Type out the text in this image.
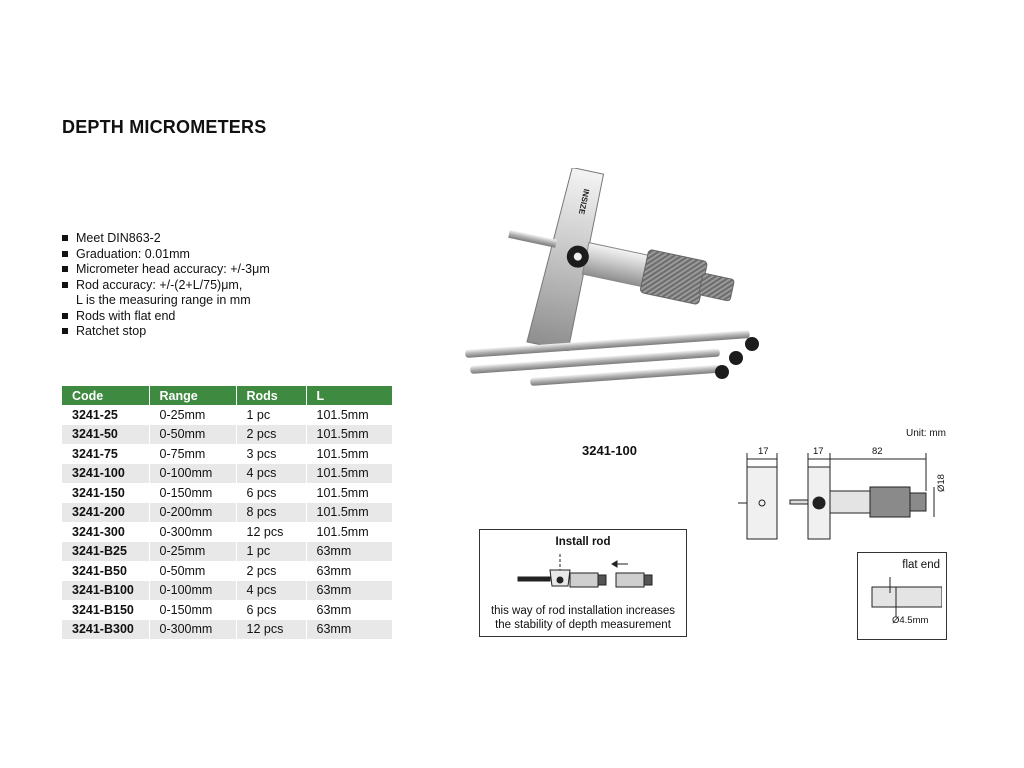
DEPTH MICROMETERS
Meet DIN863-2
Graduation: 0.01mm
Micrometer head accuracy: +/-3μm
Rod accuracy: +/-(2+L/75)μm,
L is the measuring range in mm
Rods with flat end
Ratchet stop
Code	Range	Rods	L
3241-25	0-25mm	1 pc	101.5mm
3241-50	0-50mm	2 pcs	101.5mm
3241-75	0-75mm	3 pcs	101.5mm
3241-100	0-100mm	4 pcs	101.5mm
3241-150	0-150mm	6 pcs	101.5mm
3241-200	0-200mm	8 pcs	101.5mm
3241-300	0-300mm	12 pcs	101.5mm
3241-B25	0-25mm	1 pc	63mm
3241-B50	0-50mm	2 pcs	63mm
3241-B100	0-100mm	4 pcs	63mm
3241-B150	0-150mm	6 pcs	63mm
3241-B300	0-300mm	12 pcs	63mm
INSIZE
3241-100
Unit: mm
17	17	82
Ø18
Install rod
this way of rod installation increases
the stability of depth measurement
flat end
Ø4.5mm
